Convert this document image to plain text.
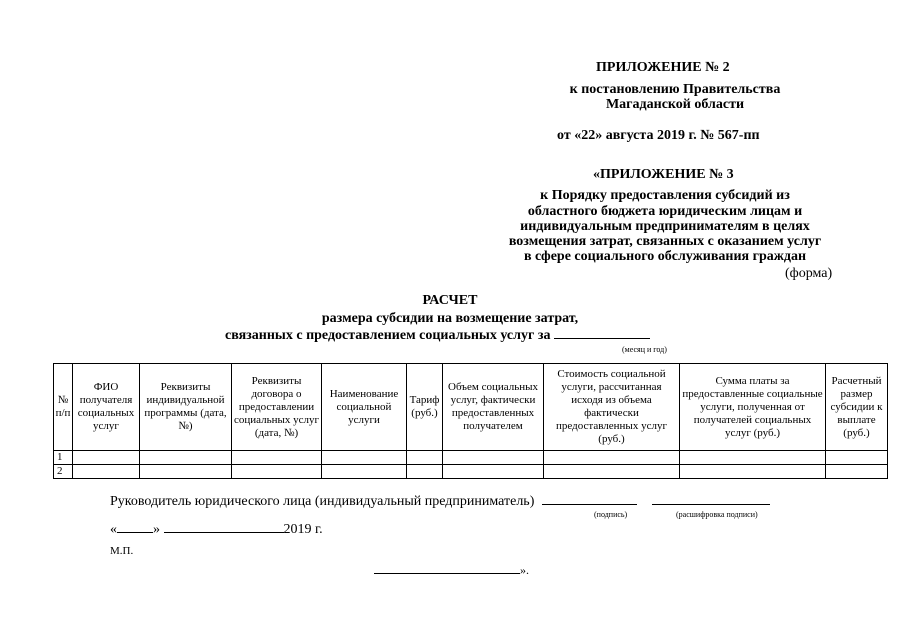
ПРИЛОЖЕНИЕ № 2
к постановлению Правительства
Магаданской области
от «22» августа 2019 г. № 567-пп
«ПРИЛОЖЕНИЕ № 3
к Порядку предоставления субсидий из
областного бюджета юридическим лицам и
индивидуальным предпринимателям в целях
возмещения затрат, связанных с оказанием услуг
в сфере социального обслуживания граждан
(форма)
РАСЧЕТ
размера субсидии на возмещение затрат,
связанных с предоставлением социальных услуг за
(месяц и год)
№ п/п	ФИО получателя социальных услуг	Реквизиты индивидуальной программы (дата, №)	Реквизиты договора о предоставлении социальных услуг (дата, №)	Наименование социальной услуги	Тариф (руб.)	Объем социальных услуг, фактически предоставленных получателем	Стоимость социальной услуги, рассчитанная исходя из объема фактически предоставленных услуг (руб.)	Сумма платы за предоставленные социальные услуги, полученная от получателей социальных услуг (руб.)	Расчетный размер субсидии к выплате (руб.)
1									
2									
Руководитель юридического лица (индивидуальный предприниматель)
(подпись)	(расшифровка подписи)
«	»	2019 г.
М.П.
».
